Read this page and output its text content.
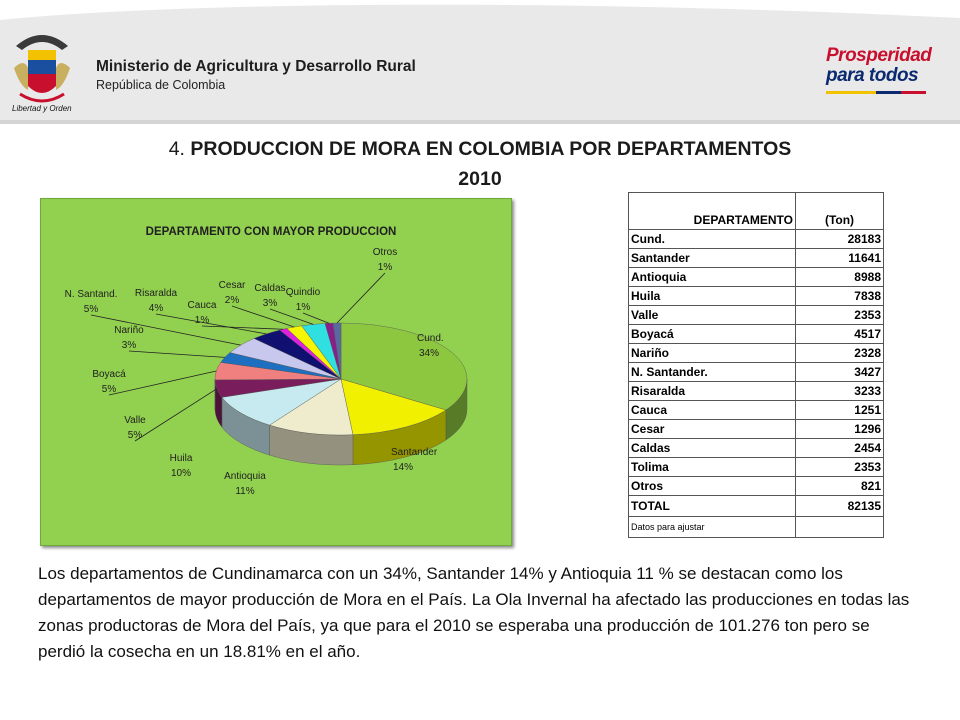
Libertad y Orden
Ministerio de Agricultura y Desarrollo Rural
República de Colombia
Prosperidad
para todos
4. PRODUCCION DE MORA EN COLOMBIA POR DEPARTAMENTOS
2010
DEPARTAMENTO CON MAYOR PRODUCCION
Cund.
34%
Santander
14%
Antioquia
11%
Huila
10%
Valle
5%
Boyacá
5%
Nariño
3%
N. Santand.
5%
Risaralda
4% Cauca
1%
Cesar
2%
Caldas
3%
Quindio
1%
Otros
1%
DEPARTAMENTO	(Ton)
Cund.	28183
Santander	11641
Antioquia	8988
Huila	7838
Valle	2353
Boyacá	4517
Nariño	2328
N. Santander.	3427
Risaralda	3233
Cauca	1251
Cesar	1296
Caldas	2454
Tolima	2353
Otros	821
TOTAL	82135
Datos para ajustar	
Los departamentos de Cundinamarca con un 34%, Santander 14% y Antioquia 11 % se destacan como los departamentos de mayor producción de Mora en el País. La Ola Invernal ha afectado las producciones en todas las zonas productoras de Mora del País, ya que para el 2010 se esperaba una producción de 101.276 ton pero se perdió la cosecha en un 18.81% en el año.
